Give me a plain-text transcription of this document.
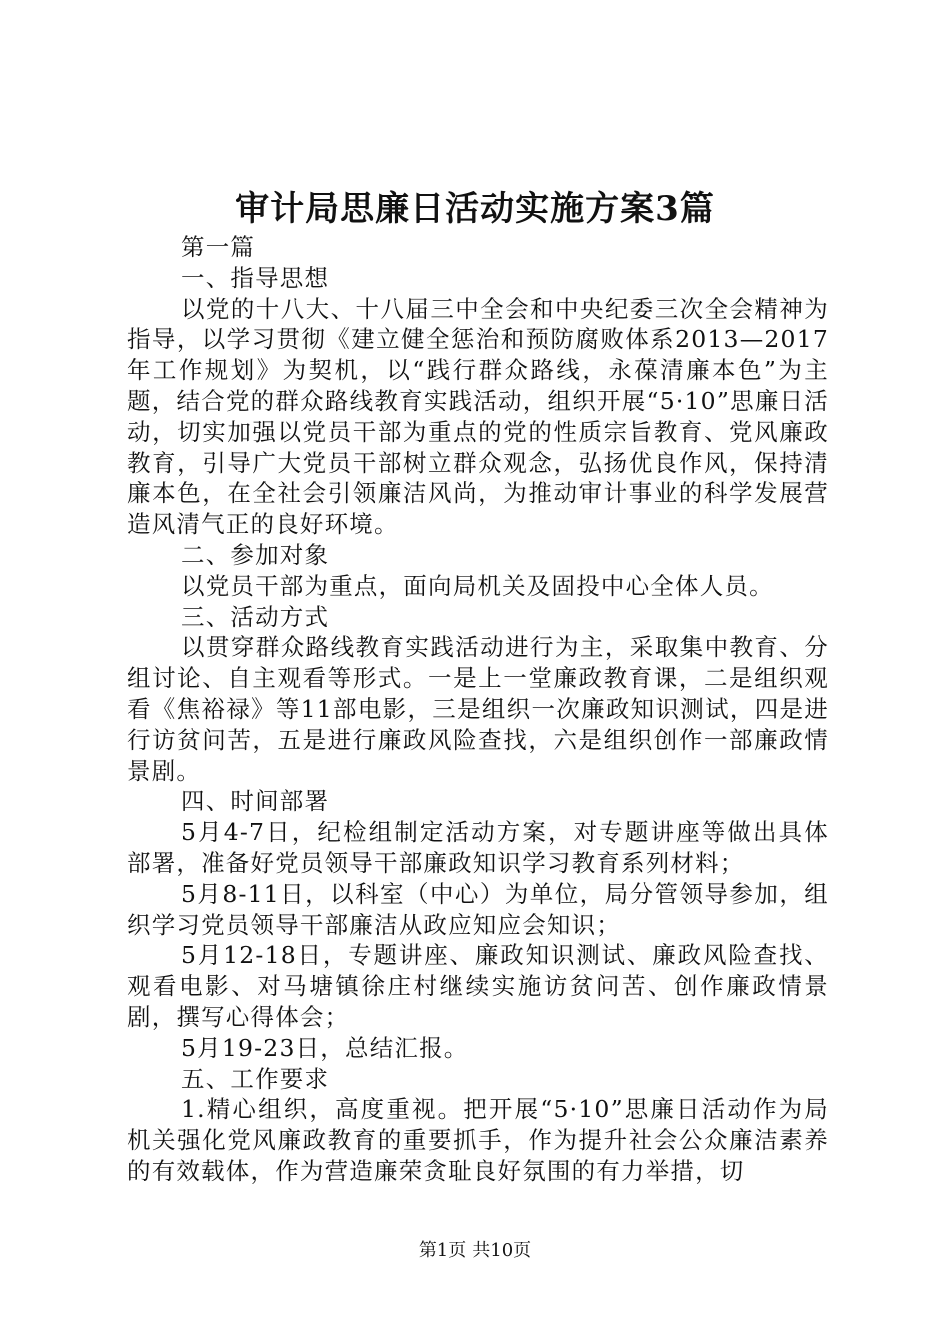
审计局思廉日活动实施方案3篇

第一篇

一、指导思想

以党的十八大、十八届三中全会和中央纪委三次全会精神为指导，以学习贯彻《建立健全惩治和预防腐败体系2013—2017年工作规划》为契机，以“践行群众路线，永葆清廉本色”为主题，结合党的群众路线教育实践活动，组织开展“5·10”思廉日活动，切实加强以党员干部为重点的党的性质宗旨教育、党风廉政教育，引导广大党员干部树立群众观念，弘扬优良作风，保持清廉本色，在全社会引领廉洁风尚，为推动审计事业的科学发展营造风清气正的良好环境。

二、参加对象

以党员干部为重点，面向局机关及固投中心全体人员。

三、活动方式

以贯穿群众路线教育实践活动进行为主，采取集中教育、分组讨论、自主观看等形式。一是上一堂廉政教育课，二是组织观看《焦裕禄》等11部电影，三是组织一次廉政知识测试，四是进行访贫问苦，五是进行廉政风险查找，六是组织创作一部廉政情景剧。

四、时间部署

5月4-7日，纪检组制定活动方案，对专题讲座等做出具体部署，准备好党员领导干部廉政知识学习教育系列材料；

5月8-11日，以科室（中心）为单位，局分管领导参加，组织学习党员领导干部廉洁从政应知应会知识；

5月12-18日，专题讲座、廉政知识测试、廉政风险查找、观看电影、对马塘镇徐庄村继续实施访贫问苦、创作廉政情景剧，撰写心得体会；

5月19-23日，总结汇报。

五、工作要求

1.精心组织，高度重视。把开展“5·10”思廉日活动作为局机关强化党风廉政教育的重要抓手，作为提升社会公众廉洁素养的有效载体，作为营造廉荣贪耻良好氛围的有力举措，切

第1页 共10页
